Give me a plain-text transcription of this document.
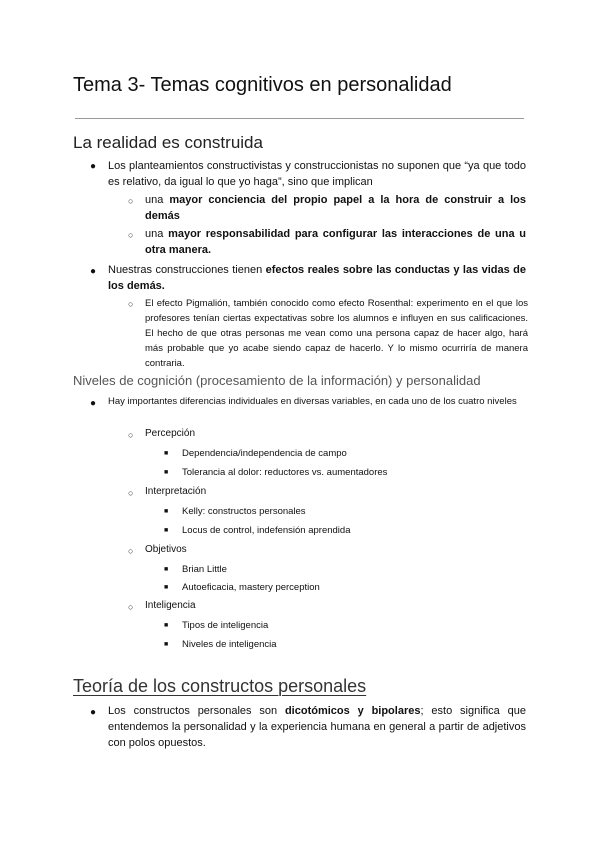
Tema 3- Temas cognitivos en personalidad
La realidad es construida
● Los planteamientos constructivistas y construccionistas no suponen que “ya que todo es relativo, da igual lo que yo haga”, sino que implican
○ una mayor conciencia del propio papel a la hora de construir a los demás
○ una mayor responsabilidad para configurar las interacciones de una u otra manera.
● Nuestras construcciones tienen efectos reales sobre las conductas y las vidas de los demás.
○ El efecto Pigmalión, también conocido como efecto Rosenthal: experimento en el que los profesores tenían ciertas expectativas sobre los alumnos e influyen en sus calificaciones. El hecho de que otras personas me vean como una persona capaz de hacer algo, hará más probable que yo acabe siendo capaz de hacerlo. Y lo mismo ocurriría de manera contraria.
Niveles de cognición (procesamiento de la información) y personalidad
● Hay importantes diferencias individuales en diversas variables, en cada uno de los cuatro niveles
○ Percepción
■ Dependencia/independencia de campo
■ Tolerancia al dolor: reductores vs. aumentadores
○ Interpretación
■ Kelly: constructos personales
■ Locus de control, indefensión aprendida
○ Objetivos
■ Brian Little
■ Autoeficacia, mastery perception
○ Inteligencia
■ Tipos de inteligencia
■ Niveles de inteligencia
Teoría de los constructos personales
● Los constructos personales son dicotómicos y bipolares; esto significa que entendemos la personalidad y la experiencia humana en general a partir de adjetivos con polos opuestos.
